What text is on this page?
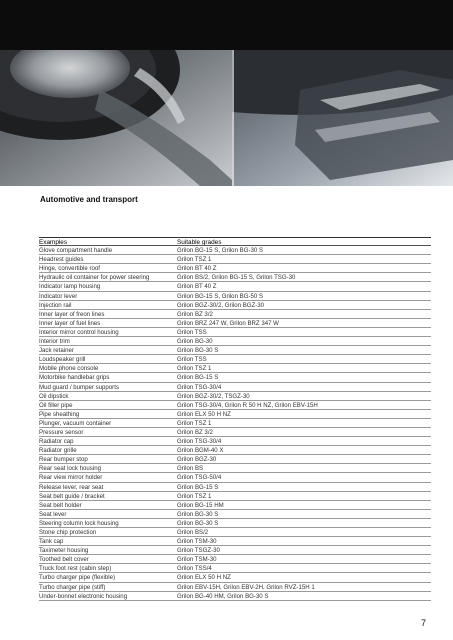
Automotive and transport
Examples	Suitable grades
Glove compartment handle	Grilon BG-15 S, Grilon BG-30 S
Headrest guides	Grilon TSZ 1
Hinge, convertible roof	Grilon BT 40 Z
Hydraulic oil container for power steering	Grilon BS/2, Grilon BG-15 S, Grilon TSG-30
Indicator lamp housing	Grilon BT 40 Z
Indicator lever	Grilon BG-15 S, Grilon BG-50 S
Injection rail	Grilon BGZ-30/2, Grilon BGZ-30
Inner layer of freon lines	Grilon BZ 3/2
Inner layer of fuel lines	Grilon BRZ 247 W, Grilon BRZ 347 W
Interior mirror control housing	Grilon TSS
Interior trim	Grilon BG-30
Jack retainer	Grilon BG-30 S
Loudspeaker grill	Grilon TSS
Mobile phone console	Grilon TSZ 1
Motorbike handlebar grips	Grilon BG-15 S
Mud guard / bumper supports	Grilon TSG-30/4
Oil dipstick	Grilon BGZ-30/2, TSGZ-30
Oil filler pipe	Grilon TSG-30/4, Grilon R 50 H NZ, Grilon EBV-15H
Pipe sheathing	Grilon ELX 50 H NZ
Plunger, vacuum container	Grilon TSZ 1
Pressure sensor	Grilon BZ 3/2
Radiator cap	Grilon TSG-30/4
Radiator grille	Grilon BGM-40 X
Rear bumper stop	Grilon BGZ-30
Rear seat lock housing	Grilon BS
Rear view mirror holder	Grilon TSG-50/4
Release lever, rear seat	Grilon BG-15 S
Seat belt guide / bracket	Grilon TSZ 1
Seat belt holder	Grilon BG-15 HM
Seat lever	Grilon BG-30 S
Steering column lock housing	Grilon BG-30 S
Stone chip protection	Grilon BS/2
Tank cap	Grilon TSM-30
Taximeter housing	Grilon TSGZ-30
Toothed belt cover	Grilon TSM-30
Truck foot rest (cabin step)	Grilon TSS/4
Turbo charger pipe (flexible)	Grilon ELX 50 H NZ
Turbo charger pipe (stiff)	Grilon EBV-15H, Grilon EBV-2H, Grilon RVZ-15H 1
Under-bonnet electronic housing	Grilon BG-40 HM, Grilon BG-30 S
7
